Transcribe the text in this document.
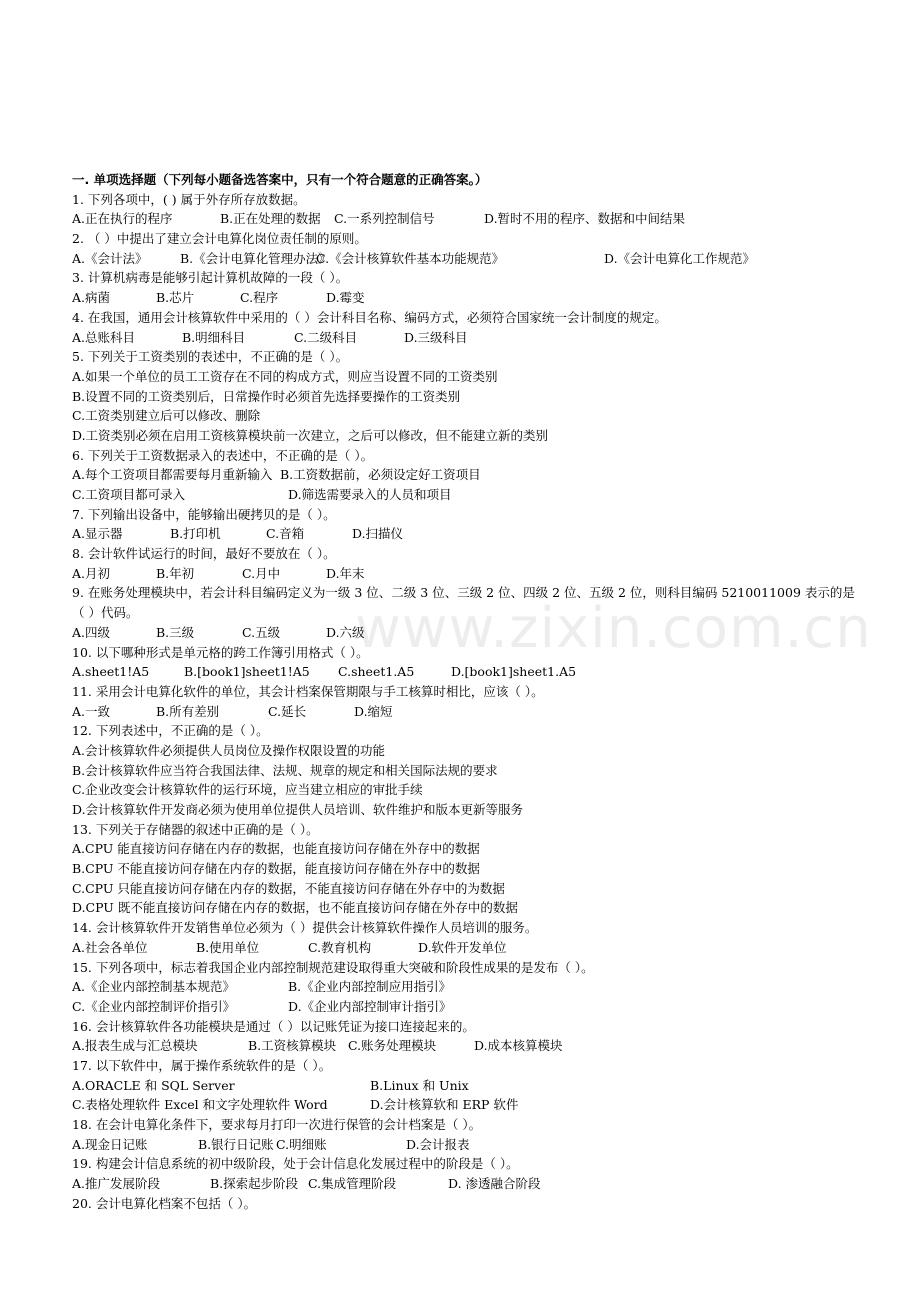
www.zixin.com.cn
一. 单项选择题（下列每小题备选答案中，只有一个符合题意的正确答案。）
1. 下列各项中，( ) 属于外存所存放数据。
A.正在执行的程序	B.正在处理的数据 C.一系列控制信号	D.暂时不用的程序、数据和中间结果
2. （ ）中提出了建立会计电算化岗位责任制的原则。
A.《会计法》	B.《会计电算化管理办法》
C.《会计核算软件基本功能规范》	D.《会计电算化工作规范》
3. 计算机病毒是能够引起计算机故障的一段（ ）。
A.病菌	B.芯片	C.程序	D.霉变
4. 在我国，通用会计核算软件中采用的（ ）会计科目名称、编码方式，必须符合国家统一会计制度的规定。
A.总账科目	B.明细科目	C.二级科目	D.三级科目
5. 下列关于工资类别的表述中，不正确的是（ ）。
A.如果一个单位的员工工资存在不同的构成方式，则应当设置不同的工资类别
B.设置不同的工资类别后，日常操作时必须首先选择要操作的工资类别
C.工资类别建立后可以修改、删除
D.工资类别必须在启用工资核算模块前一次建立，之后可以修改，但不能建立新的类别
6. 下列关于工资数据录入的表述中，不正确的是（ ）。
A.每个工资项目都需要每月重新输入 B.工资数据前，必须设定好工资项目
C.工资项目都可录入	D.筛选需要录入的人员和项目
7. 下列输出设备中，能够输出硬拷贝的是（ ）。
A.显示器	B.打印机	C.音箱	D.扫描仪
8. 会计软件试运行的时间，最好不要放在（ ）。
A.月初	B.年初	C.月中	D.年末
9. 在账务处理模块中，若会计科目编码定义为一级 3 位、二级 3 位、三级 2 位、四级 2 位、五级 2 位，则科目编码 5210011009 表示的是（ ）代码。
A.四级	B.三级	C.五级	D.六级
10. 以下哪种形式是单元格的跨工作簿引用格式（ ）。
A.sheet1!A5	B.[book1]sheet1!A5 C.sheet1.A5	D.[book1]sheet1.A5
11. 采用会计电算化软件的单位，其会计档案保管期限与手工核算时相比，应该（ ）。
A.一致	B.所有差别	C.延长	D.缩短
12. 下列表述中，不正确的是（ ）。
A.会计核算软件必须提供人员岗位及操作权限设置的功能
B.会计核算软件应当符合我国法律、法规、规章的规定和相关国际法规的要求
C.企业改变会计核算软件的运行环境，应当建立相应的审批手续
D.会计核算软件开发商必须为使用单位提供人员培训、软件维护和版本更新等服务
13. 下列关于存储器的叙述中正确的是（ ）。
A.CPU 能直接访问存储在内存的数据，也能直接访问存储在外存中的数据
B.CPU 不能直接访问存储在内存的数据，能直接访问存储在外存中的数据
C.CPU 只能直接访问存储在内存的数据，不能直接访问存储在外存中的为数据
D.CPU 既不能直接访问存储在内存的数据，也不能直接访问存储在外存中的数据
14. 会计核算软件开发销售单位必须为（ ）提供会计核算软件操作人员培训的服务。
A.社会各单位	B.使用单位	C.教育机构	D.软件开发单位
15. 下列各项中，标志着我国企业内部控制规范建设取得重大突破和阶段性成果的是发布（ ）。
A.《企业内部控制基本规范》	B.《企业内部控制应用指引》
C.《企业内部控制评价指引》	D.《企业内部控制审计指引》
16. 会计核算软件各功能模块是通过（ ）以记账凭证为接口连接起来的。
A.报表生成与汇总模块	B.工资核算模块 C.账务处理模块	D.成本核算模块
17. 以下软件中，属于操作系统软件的是（ ）。
A.ORACLE 和 SQL Server	B.Linux 和 Unix
C.表格处理软件 Excel 和文字处理软件 Word	D.会计核算软和 ERP 软件
18. 在会计电算化条件下，要求每月打印一次进行保管的会计档案是（ ）。
A.现金日记账	B.银行日记账 C.明细账	D.会计报表
19. 构建会计信息系统的初中级阶段，处于会计信息化发展过程中的阶段是（ ）。
A.推广发展阶段	B.探索起步阶段 C.集成管理阶段	D. 渗透融合阶段
20. 会计电算化档案不包括（ ）。
